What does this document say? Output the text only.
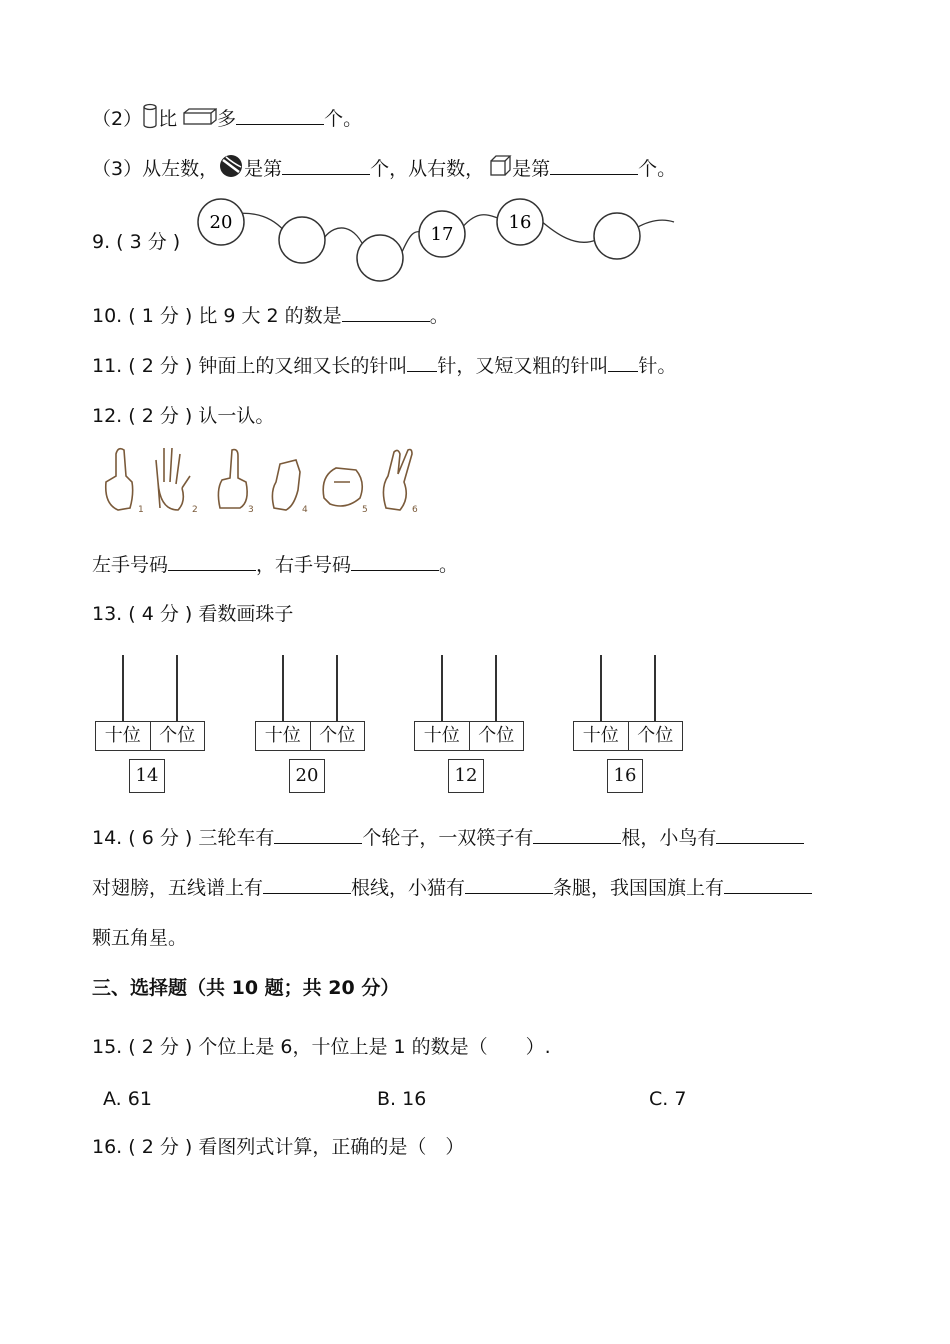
（2） 比 多	个。
（3）从左数， 是第	个，从右数， 是第	个。
9. ( 3 分 )
20
17
16
10. ( 1 分 ) 比 9 大 2 的数是	。
11. ( 2 分 ) 钟面上的又细又长的针叫 针，又短又粗的针叫 针。
12. ( 2 分 ) 认一认。
1	2	3	4	5	6
左手号码	，右手号码	。
13. ( 4 分 ) 看数画珠子
十位	个位
14
十位	个位
20
十位	个位
12
十位	个位
16
14. ( 6 分 ) 三轮车有	个轮子，一双筷子有	根，小鸟有
对翅膀，五线谱上有	根线，小猫有	条腿，我国国旗上有
颗五角星。
三、选择题（共 10 题；共 20 分）
15. ( 2 分 ) 个位上是 6，十位上是 1 的数是（　　）.
A. 61	B. 16	C. 7
16. ( 2 分 ) 看图列式计算，正确的是（　）
